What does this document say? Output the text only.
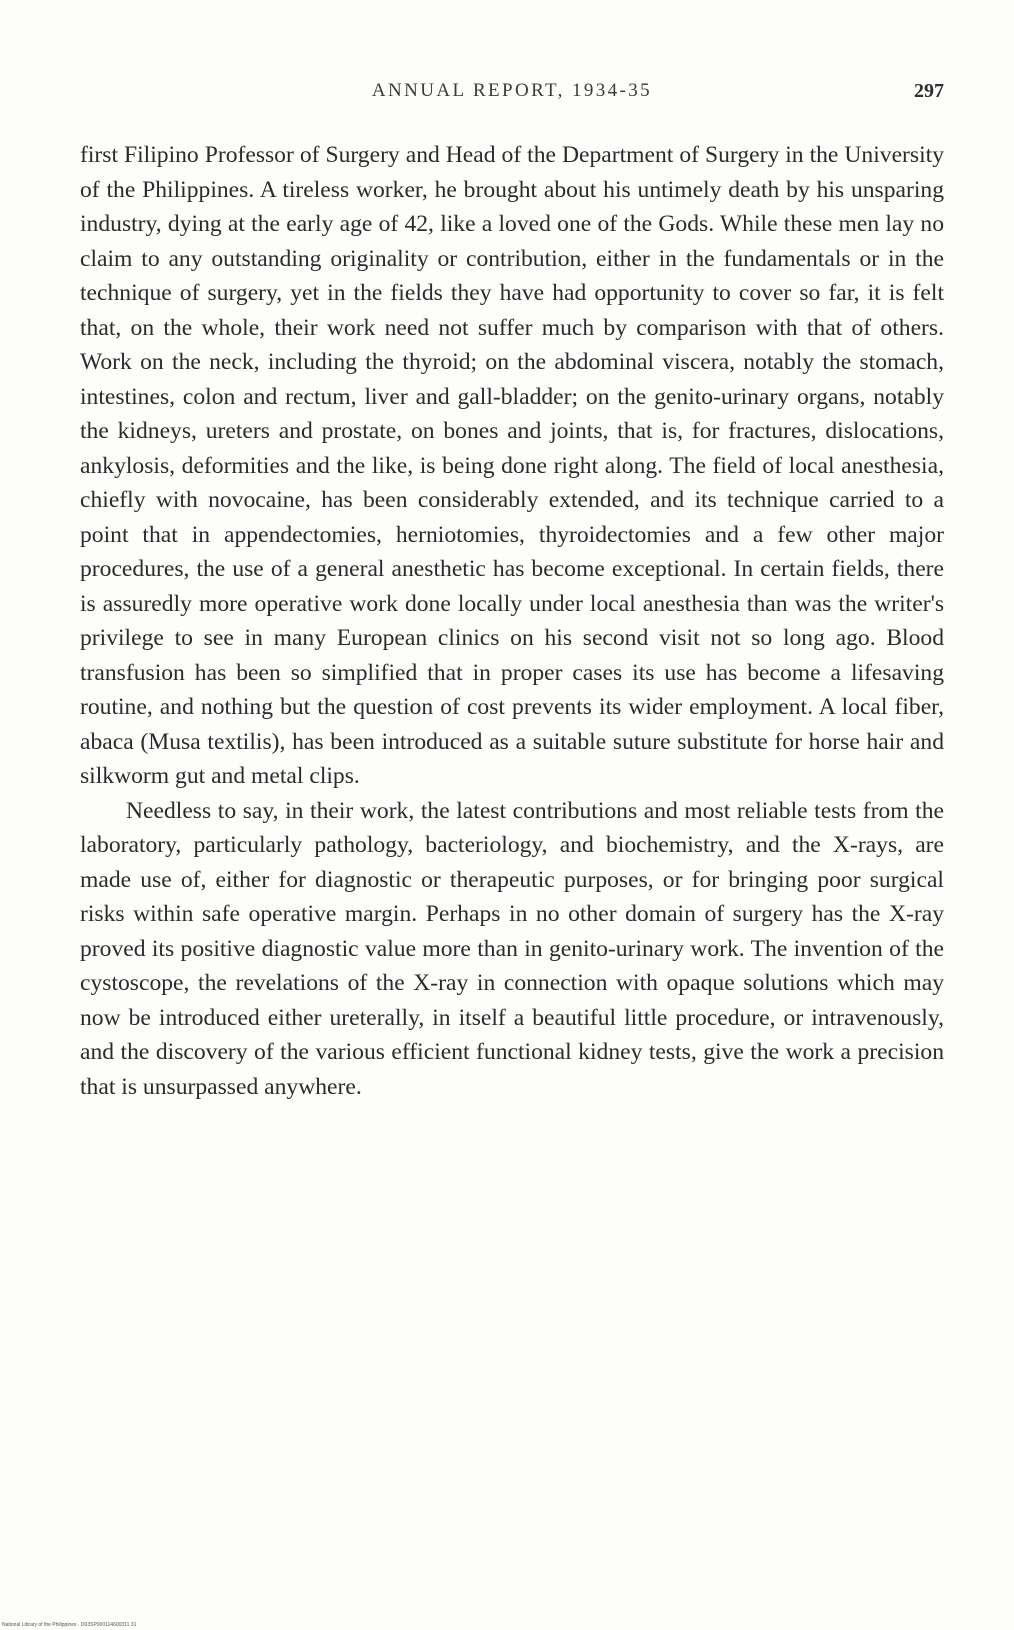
ANNUAL REPORT, 1934-35	297

first Filipino Professor of Surgery and Head of the Department of Surgery in the University of the Philippines. A tireless worker, he brought about his untimely death by his unsparing industry, dying at the early age of 42, like a loved one of the Gods. While these men lay no claim to any outstanding originality or contribution, either in the fundamentals or in the technique of surgery, yet in the fields they have had opportunity to cover so far, it is felt that, on the whole, their work need not suffer much by comparison with that of others. Work on the neck, including the thyroid; on the abdominal viscera, notably the stomach, intestines, colon and rectum, liver and gall-bladder; on the genito-urinary organs, notably the kidneys, ureters and prostate, on bones and joints, that is, for fractures, dislocations, ankylosis, deformities and the like, is being done right along. The field of local anesthesia, chiefly with novocaine, has been considerably extended, and its technique carried to a point that in appendectomies, herniotomies, thyroidectomies and a few other major procedures, the use of a general anesthetic has become exceptional. In certain fields, there is assuredly more operative work done locally under local anesthesia than was the writer's privilege to see in many European clinics on his second visit not so long ago. Blood transfusion has been so simplified that in proper cases its use has become a lifesaving routine, and nothing but the question of cost prevents its wider employment. A local fiber, abaca (Musa textilis), has been introduced as a suitable suture substitute for horse hair and silkworm gut and metal clips.

Needless to say, in their work, the latest contributions and most reliable tests from the laboratory, particularly pathology, bacteriology, and biochemistry, and the X-rays, are made use of, either for diagnostic or therapeutic purposes, or for bringing poor surgical risks within safe operative margin. Perhaps in no other domain of surgery has the X-ray proved its positive diagnostic value more than in genito-urinary work. The invention of the cystoscope, the revelations of the X-ray in connection with opaque solutions which may now be introduced either ureterally, in itself a beautiful little procedure, or intravenously, and the discovery of the various efficient functional kidney tests, give the work a precision that is unsurpassed anywhere.

National Library of the Philippines · D03SP000114600311 31
